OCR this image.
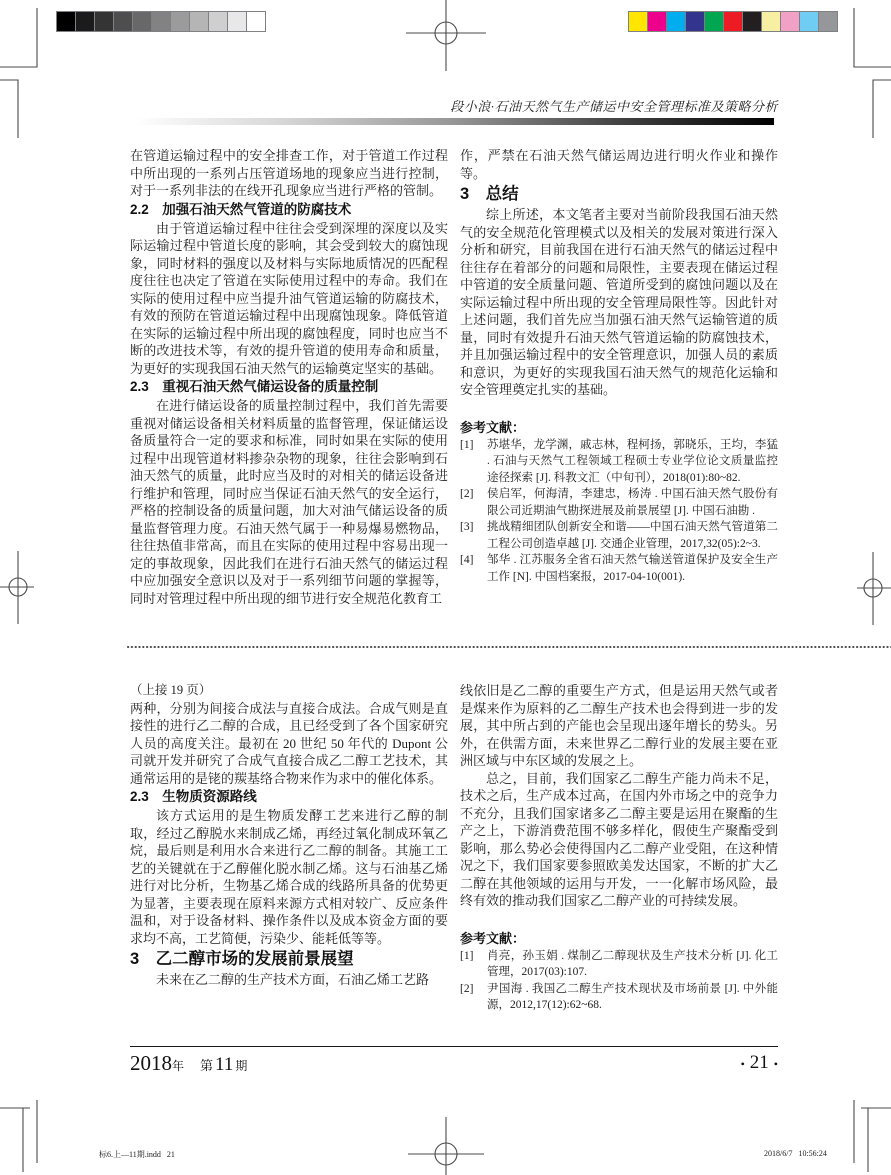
段小浪·石油天然气生产储运中安全管理标准及策略分析

在管道运输过程中的安全排查工作，对于管道工作过程中所出现的一系列占压管道场地的现象应当进行控制，对于一系列非法的在线开孔现象应当进行严格的管制。

2.2　加强石油天然气管道的防腐技术

由于管道运输过程中往往会受到深埋的深度以及实际运输过程中管道长度的影响，其会受到较大的腐蚀现象，同时材料的强度以及材料与实际地质情况的匹配程度往往也决定了管道在实际使用过程中的寿命。我们在实际的使用过程中应当提升油气管道运输的防腐技术，有效的预防在管道运输过程中出现腐蚀现象。降低管道在实际的运输过程中所出现的腐蚀程度，同时也应当不断的改进技术等，有效的提升管道的使用寿命和质量，为更好的实现我国石油天然气的运输奠定坚实的基础。

2.3　重视石油天然气储运设备的质量控制

在进行储运设备的质量控制过程中，我们首先需要重视对储运设备相关材料质量的监督管理，保证储运设备质量符合一定的要求和标准，同时如果在实际的使用过程中出现管道材料掺杂杂物的现象，往往会影响到石油天然气的质量，此时应当及时的对相关的储运设备进行维护和管理，同时应当保证石油天然气的安全运行，严格的控制设备的质量问题，加大对油气储运设备的质量监督管理力度。石油天然气属于一种易爆易燃物品，往往热值非常高，而且在实际的使用过程中容易出现一定的事故现象，因此我们在进行石油天然气的储运过程中应加强安全意识以及对于一系列细节问题的掌握等，同时对管理过程中所出现的细节进行安全规范化教育工

作，严禁在石油天然气储运周边进行明火作业和操作等。

3　总结

综上所述，本文笔者主要对当前阶段我国石油天然气的安全规范化管理模式以及相关的发展对策进行深入分析和研究，目前我国在进行石油天然气的储运过程中往往存在着部分的问题和局限性，主要表现在储运过程中管道的安全质量问题、管道所受到的腐蚀问题以及在实际运输过程中所出现的安全管理局限性等。因此针对上述问题，我们首先应当加强石油天然气运输管道的质量，同时有效提升石油天然气管道运输的防腐蚀技术，并且加强运输过程中的安全管理意识，加强人员的素质和意识，为更好的实现我国石油天然气的规范化运输和安全管理奠定扎实的基础。

参考文献：

[1]	苏堪华，龙学渊，戚志林，程柯扬，郭晓乐，王均，李猛 . 石油与天然气工程领域工程硕士专业学位论文质量监控途径探索 [J]. 科教文汇（中旬刊），2018(01):80~82.
[2]	侯启军，何海清，李建忠，杨涛 . 中国石油天然气股份有限公司近期油气勘探进展及前景展望 [J]. 中国石油勘 .
[3]	挑战精细团队创新安全和谐——中国石油天然气管道第二工程公司创造卓越 [J]. 交通企业管理，2017,32(05):2~3.
[4]	邹华 . 江苏服务全省石油天然气输送管道保护及安全生产工作 [N]. 中国档案报，2017-04-10(001).

（上接 19 页）

两种，分别为间接合成法与直接合成法。合成气则是直接性的进行乙二醇的合成，且已经受到了各个国家研究人员的高度关注。最初在 20 世纪 50 年代的 Dupont 公司就开发并研究了合成气直接合成乙二醇工艺技术，其通常运用的是铑的羰基络合物来作为求中的催化体系。

2.3　生物质资源路线

该方式运用的是生物质发酵工艺来进行乙醇的制取，经过乙醇脱水来制成乙烯，再经过氧化制成环氧乙烷，最后则是利用水合来进行乙二醇的制备。其施工工艺的关键就在于乙醇催化脱水制乙烯。这与石油基乙烯进行对比分析，生物基乙烯合成的线路所具备的优势更为显著，主要表现在原料来源方式相对较广、反应条件温和，对于设备材料、操作条件以及成本资金方面的要求均不高，工艺简便，污染少、能耗低等等。

3　乙二醇市场的发展前景展望

未来在乙二醇的生产技术方面，石油乙烯工艺路

线依旧是乙二醇的重要生产方式，但是运用天然气或者是煤来作为原料的乙二醇生产技术也会得到进一步的发展，其中所占到的产能也会呈现出逐年增长的势头。另外，在供需方面，未来世界乙二醇行业的发展主要在亚洲区域与中东区域的发展之上。

总之，目前，我们国家乙二醇生产能力尚未不足，技术之后，生产成本过高，在国内外市场之中的竞争力不充分，且我们国家诸多乙二醇主要是运用在聚酯的生产之上，下游消费范围不够多样化，假使生产聚酯受到影响，那么势必会使得国内乙二醇产业受阻，在这种情况之下，我们国家要参照欧美发达国家，不断的扩大乙二醇在其他领域的运用与开发，一一化解市场风险，最终有效的推动我们国家乙二醇产业的可持续发展。

参考文献：

[1]	肖亮，孙玉娟 . 煤制乙二醇现状及生产技术分析 [J]. 化工管理，2017(03):107.
[2]	尹国海 . 我国乙二醇生产技术现状及市场前景 [J]. 中外能源，2012,17(12):62~68.
2018年 第 11 期	• 21 •
标6.上—11期.indd   21	2018/6/7   10:56:24
